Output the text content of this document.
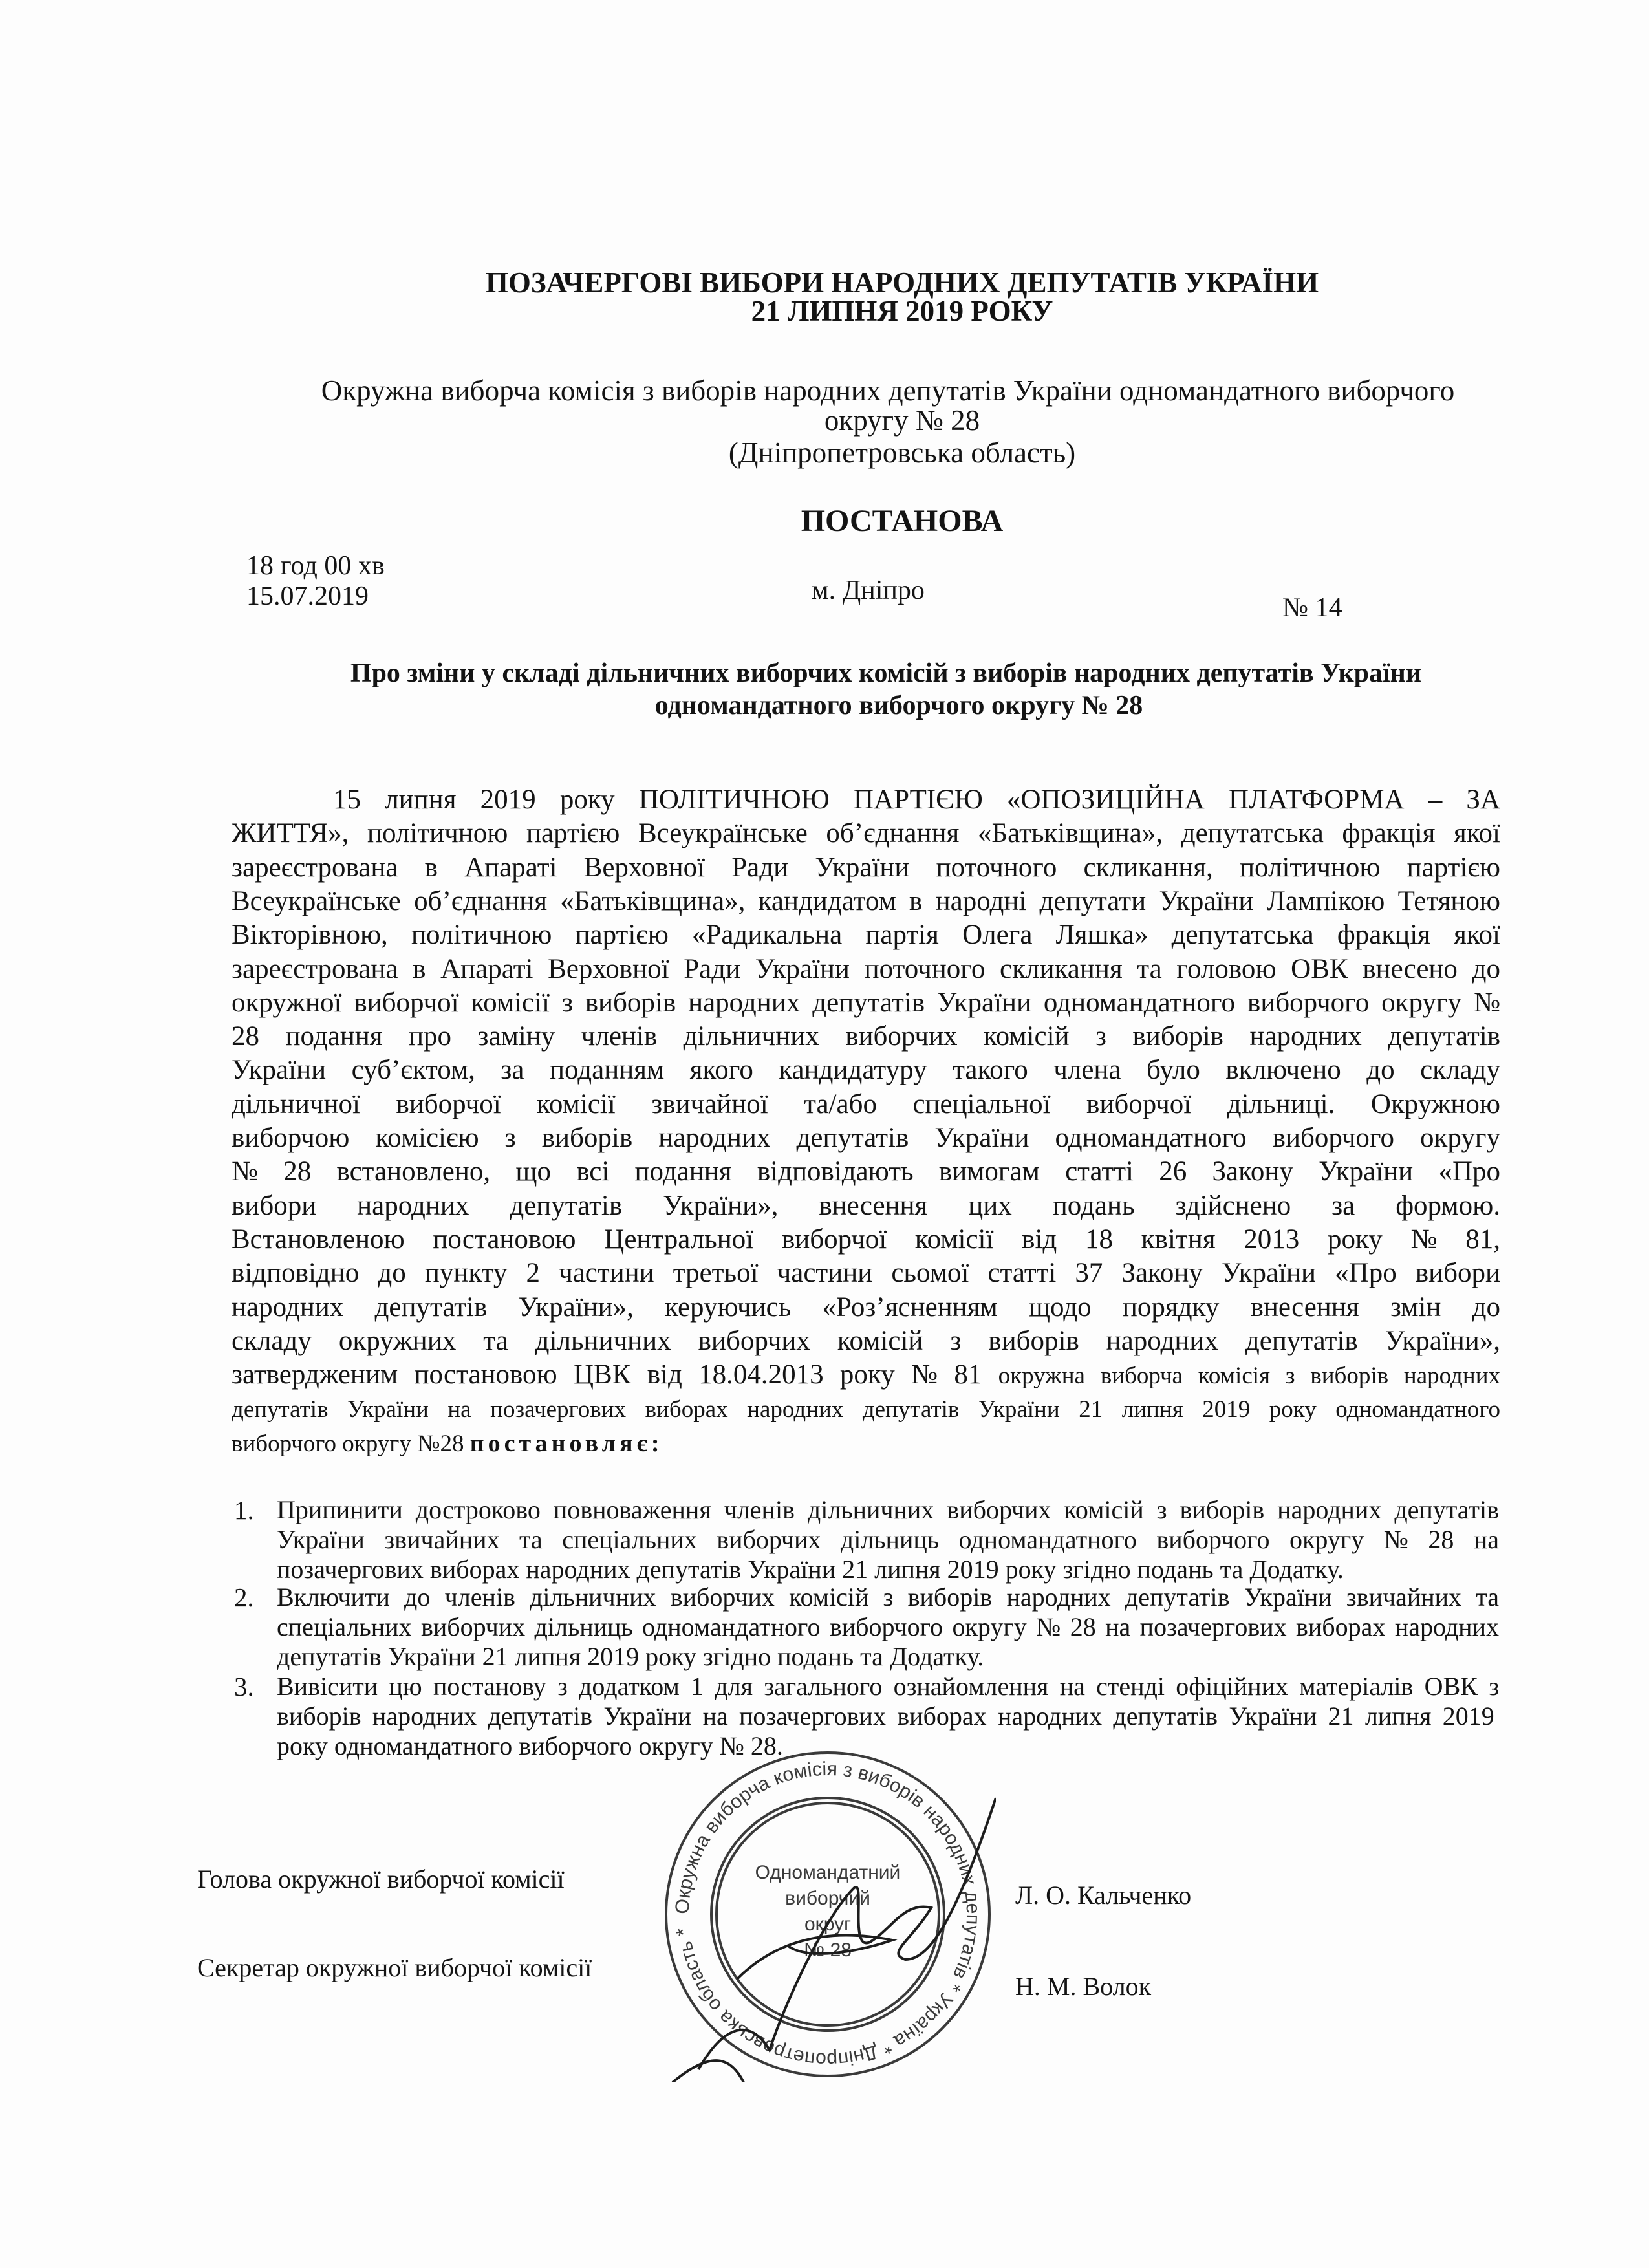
ПОЗАЧЕРГОВІ ВИБОРИ НАРОДНИХ ДЕПУТАТІВ УКРАЇНИ
21 ЛИПНЯ 2019 РОКУ
Окружна виборча комісія з виборів народних депутатів України одномандатного виборчого
округу № 28
(Дніпропетровська область)
ПОСТАНОВА
18 год 00 хв
15.07.2019	м. Дніпро
№ 14
Про зміни у складі дільничних виборчих комісій з виборів народних депутатів України
одномандатного виборчого округу № 28
15 липня 2019 року ПОЛІТИЧНОЮ ПАРТІЄЮ «ОПОЗИЦІЙНА ПЛАТФОРМА – ЗА
ЖИТТЯ», політичною партією Всеукраїнське об’єднання «Батьківщина», депутатська фракція якої
зареєстрована в Апараті Верховної Ради України поточного скликання, політичною партією
Всеукраїнське об’єднання «Батьківщина», кандидатом в народні депутати України Лампікою Тетяною
Вікторівною, політичною партією «Радикальна партія Олега Ляшка» депутатська фракція якої
зареєстрована в Апараті Верховної Ради України поточного скликання та головою ОВК внесено до
окружної виборчої комісії з виборів народних депутатів України одномандатного виборчого округу №
28 подання про заміну членів дільничних виборчих комісій з виборів народних депутатів
України суб’єктом, за поданням якого кандидатуру такого члена було включено до складу
дільничної виборчої комісії звичайної та/або спеціальної виборчої дільниці. Окружною
виборчою комісією з виборів народних депутатів України одномандатного виборчого округу
№ 28 встановлено, що всі подання відповідають вимогам статті 26 Закону України «Про
вибори народних депутатів України», внесення цих подань здійснено за формою.
Встановленою постановою Центральної виборчої комісії від 18 квітня 2013 року № 81,
відповідно до пункту 2 частини третьої частини сьомої статті 37 Закону України «Про вибори
народних депутатів України», керуючись «Роз’ясненням щодо порядку внесення змін до
складу окружних та дільничних виборчих комісій з виборів народних депутатів України»,
затвердженим постановою ЦВК від 18.04.2013 року № 81 окружна виборча комісія з виборів народних
депутатів України на позачергових виборах народних депутатів України 21 липня 2019 року одномандатного
виборчого округу №28 постановляє:
1. Припинити достроково повноваження членів дільничних виборчих комісій з виборів народних депутатів
України звичайних та спеціальних виборчих дільниць одномандатного виборчого округу № 28 на
позачергових виборах народних депутатів України 21 липня 2019 року згідно подань та Додатку.
2. Включити до членів дільничних виборчих комісій з виборів народних депутатів України звичайних та
спеціальних виборчих дільниць одномандатного виборчого округу № 28 на позачергових виборах народних
депутатів України 21 липня 2019 року згідно подань та Додатку.
3. Вивісити цю постанову з додатком 1 для загального ознайомлення на стенді офіційних матеріалів ОВК з
виборів народних депутатів України на позачергових виборах народних депутатів України 21 липня 2019
року одномандатного виборчого округу № 28.
Голова окружної виборчої комісії
Л. О. Кальченко
Секретар окружної виборчої комісії
Н. М. Волок
Окружна виборча комісія з виборів народних депутатів * Україна * Дніпропетровська область *
Одномандатний
виборчий
округ
№ 28
